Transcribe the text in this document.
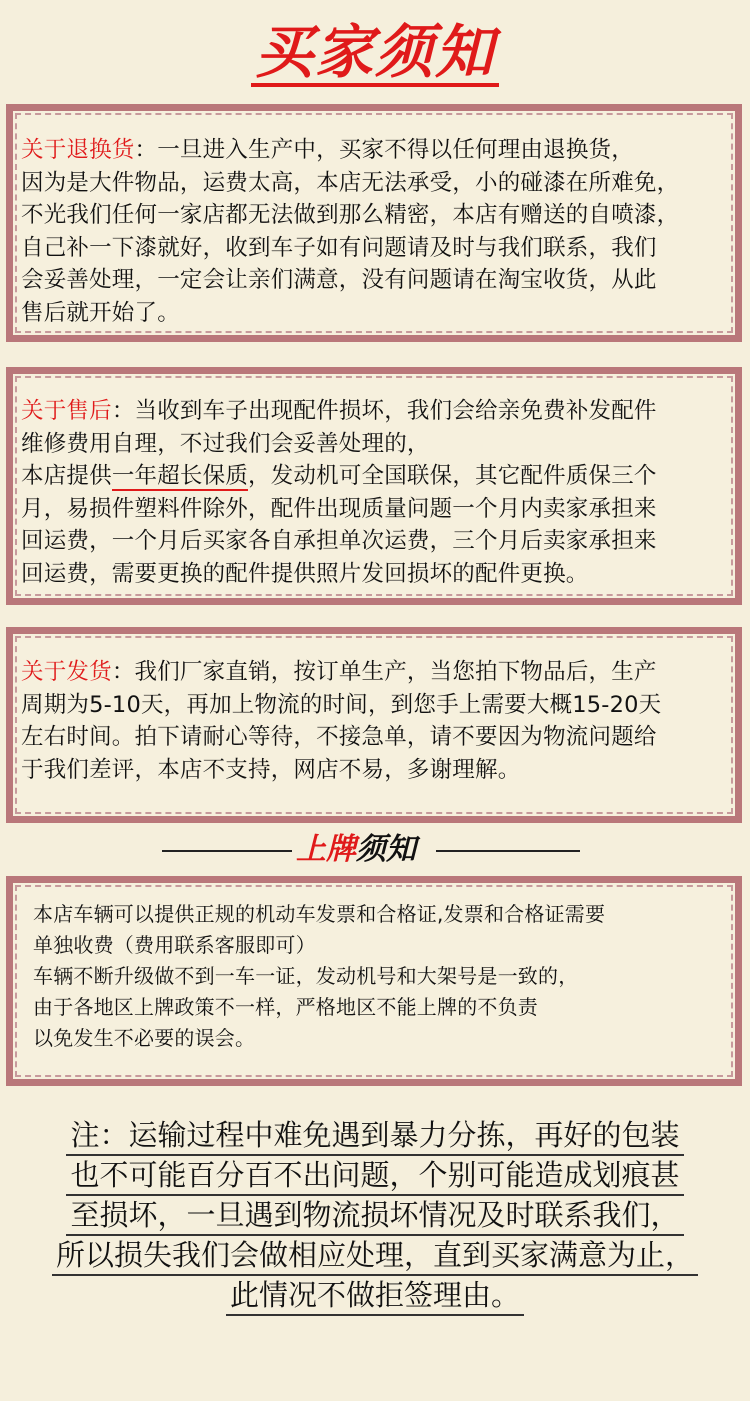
买家须知
关于退换货：一旦进入生产中，买家不得以任何理由退换货，
因为是大件物品，运费太高，本店无法承受，小的碰漆在所难免，
不光我们任何一家店都无法做到那么精密，本店有赠送的自喷漆，
自己补一下漆就好，收到车子如有问题请及时与我们联系，我们
会妥善处理，一定会让亲们满意，没有问题请在淘宝收货，从此
售后就开始了。
关于售后：当收到车子出现配件损坏，我们会给亲免费补发配件
维修费用自理，不过我们会妥善处理的，
本店提供一年超长保质，发动机可全国联保，其它配件质保三个
月，易损件塑料件除外，配件出现质量问题一个月内卖家承担来
回运费，一个月后买家各自承担单次运费，三个月后卖家承担来
回运费，需要更换的配件提供照片发回损坏的配件更换。
关于发货：我们厂家直销，按订单生产，当您拍下物品后，生产
周期为5-10天，再加上物流的时间，到您手上需要大概15-20天
左右时间。拍下请耐心等待，不接急单，请不要因为物流问题给
于我们差评，本店不支持，网店不易，多谢理解。
上牌须知
本店车辆可以提供正规的机动车发票和合格证,发票和合格证需要
单独收费（费用联系客服即可）
车辆不断升级做不到一车一证，发动机号和大架号是一致的，
由于各地区上牌政策不一样，严格地区不能上牌的不负责
以免发生不必要的误会。
注：运输过程中难免遇到暴力分拣，再好的包装
也不可能百分百不出问题，个别可能造成划痕甚
至损坏，一旦遇到物流损坏情况及时联系我们，
所以损失我们会做相应处理，直到买家满意为止，
此情况不做拒签理由。
